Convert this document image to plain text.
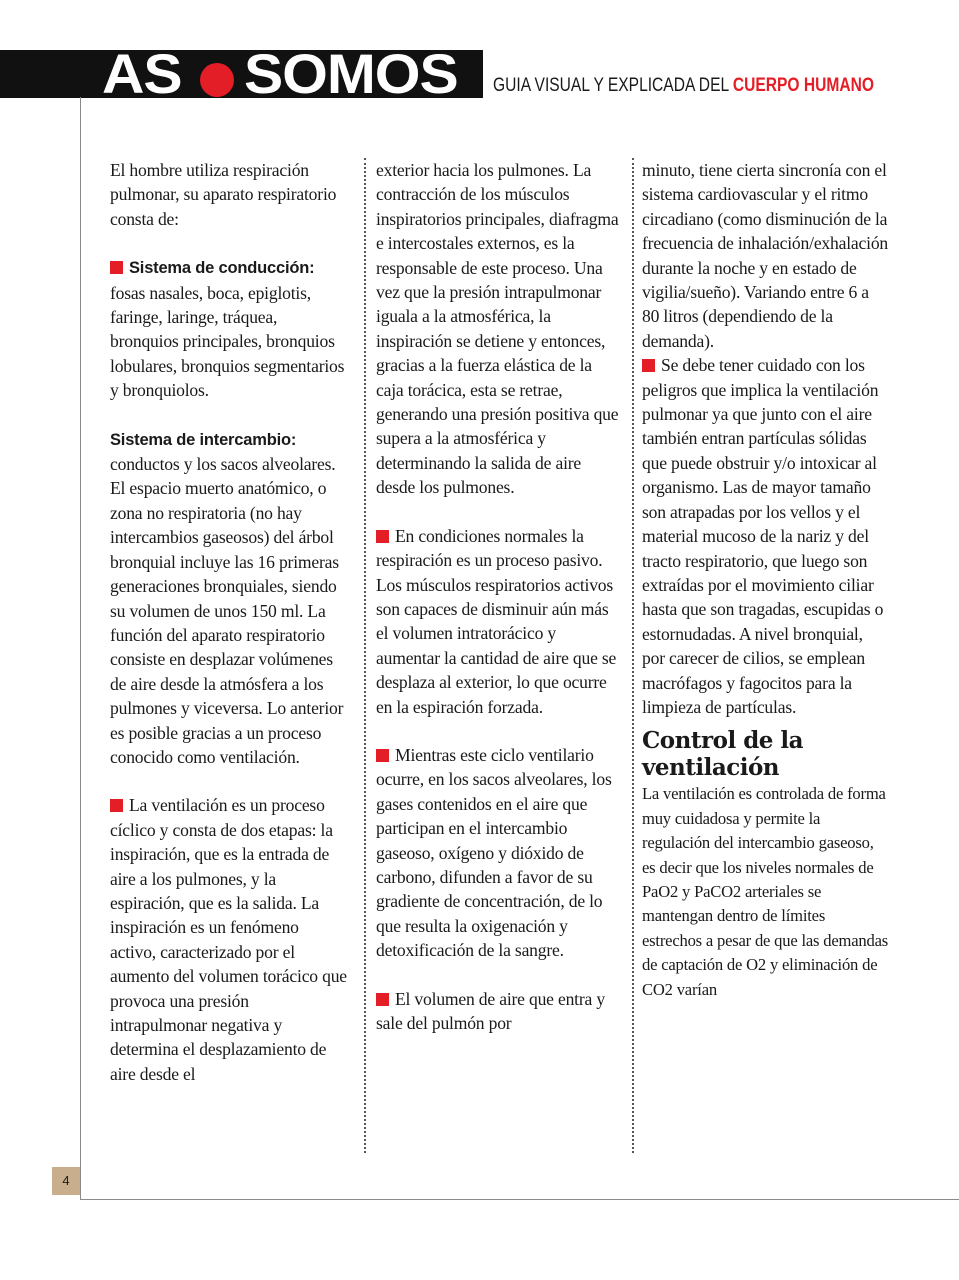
AS SOMOS GUIA VISUAL Y EXPLICADA DEL CUERPO HUMANO
4

El hombre utiliza respiración pulmonar, su aparato respiratorio consta de:

Sistema de conducción: fosas nasales, boca, epiglotis, faringe, laringe, tráquea, bronquios principales, bronquios lobulares, bronquios segmentarios y bronquiolos.

Sistema de intercambio: conductos y los sacos alveolares. El espacio muerto anatómico, o zona no respiratoria (no hay intercambios gaseosos) del árbol bronquial incluye las 16 primeras generaciones bronquiales, siendo su volumen de unos 150 ml. La función del aparato respiratorio consiste en desplazar volúmenes de aire desde la atmósfera a los pulmones y viceversa. Lo anterior es posible gracias a un proceso conocido como ventilación.

La ventilación es un proceso cíclico y consta de dos etapas: la inspiración, que es la entrada de aire a los pulmones, y la espiración, que es la salida. La inspiración es un fenómeno activo, caracterizado por el aumento del volumen torácico que provoca una presión intrapulmonar negativa y determina el desplazamiento de aire desde el

exterior hacia los pulmones. La contracción de los músculos inspiratorios principales, diafragma e intercostales externos, es la responsable de este proceso. Una vez que la presión intrapulmonar iguala a la atmosférica, la inspiración se detiene y entonces, gracias a la fuerza elástica de la caja torácica, esta se retrae, generando una presión positiva que supera a la atmosférica y determinando la salida de aire desde los pulmones.

En condiciones normales la respiración es un proceso pasivo. Los músculos respiratorios activos son capaces de disminuir aún más el volumen intratorácico y aumentar la cantidad de aire que se desplaza al exterior, lo que ocurre en la espiración forzada.

Mientras este ciclo ventilario ocurre, en los sacos alveolares, los gases contenidos en el aire que participan en el intercambio gaseoso, oxígeno y dióxido de carbono, difunden a favor de su gradiente de concentración, de lo que resulta la oxigenación y detoxificación de la sangre.

El volumen de aire que entra y sale del pulmón por

minuto, tiene cierta sincronía con el sistema cardiovascular y el ritmo circadiano (como disminución de la frecuencia de inhalación/exhalación durante la noche y en estado de vigilia/sueño). Variando entre 6 a 80 litros (dependiendo de la demanda).

Se debe tener cuidado con los peligros que implica la ventilación pulmonar ya que junto con el aire también entran partículas sólidas que puede obstruir y/o intoxicar al organismo. Las de mayor tamaño son atrapadas por los vellos y el material mucoso de la nariz y del tracto respiratorio, que luego son extraídas por el movimiento ciliar hasta que son tragadas, escupidas o estornudadas. A nivel bronquial, por carecer de cilios, se emplean macrófagos y fagocitos para la limpieza de partículas.

Control de la ventilación

La ventilación es controlada de forma muy cuidadosa y permite la regulación del intercambio gaseoso, es decir que los niveles normales de PaO2 y PaCO2 arteriales se mantengan dentro de límites estrechos a pesar de que las demandas de captación de O2 y eliminación de CO2 varían
